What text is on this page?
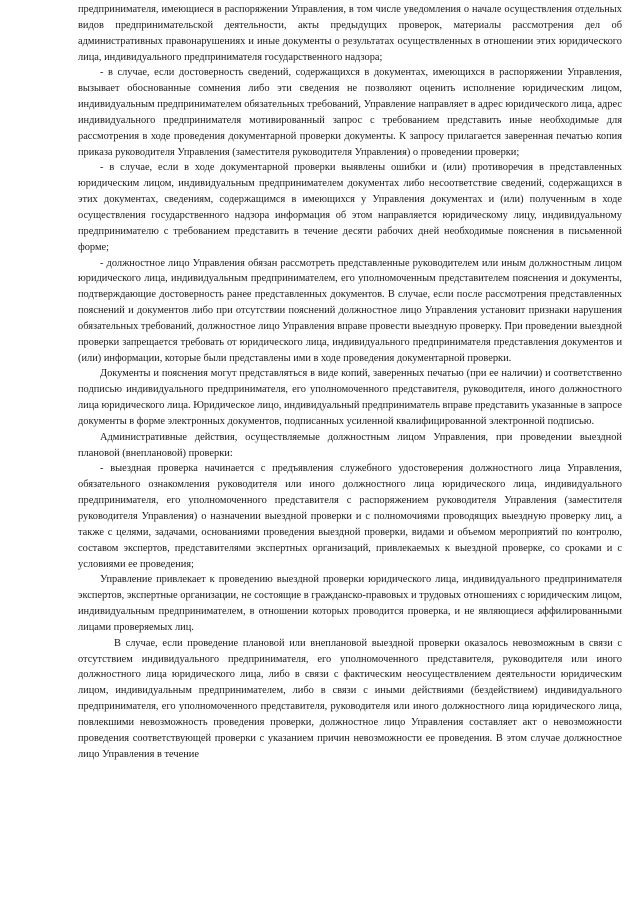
предпринимателя, имеющиеся в распоряжении Управления, в том числе уведомления о начале осуществления отдельных видов предпринимательской деятельности, акты предыдущих проверок, материалы рассмотрения дел об административных правонарушениях и иные документы о результатах осуществленных в отношении этих юридического лица, индивидуального предпринимателя государственного надзора;

- в случае, если достоверность сведений, содержащихся в документах, имеющихся в распоряжении Управления, вызывает обоснованные сомнения либо эти сведения не позволяют оценить исполнение юридическим лицом, индивидуальным предпринимателем обязательных требований, Управление направляет в адрес юридического лица, адрес индивидуального предпринимателя мотивированный запрос с требованием представить иные необходимые для рассмотрения в ходе проведения документарной проверки документы. К запросу прилагается заверенная печатью копия приказа руководителя Управления (заместителя руководителя Управления) о проведении проверки;

- в случае, если в ходе документарной проверки выявлены ошибки и (или) противоречия в представленных юридическим лицом, индивидуальным предпринимателем документах либо несоответствие сведений, содержащихся в этих документах, сведениям, содержащимся в имеющихся у Управления документах и (или) полученным в ходе осуществления государственного надзора информация об этом направляется юридическому лицу, индивидуальному предпринимателю с требованием представить в течение десяти рабочих дней необходимые пояснения в письменной форме;

- должностное лицо Управления обязан рассмотреть представленные руководителем или иным должностным лицом юридического лица, индивидуальным предпринимателем, его уполномоченным представителем пояснения и документы, подтверждающие достоверность ранее представленных документов. В случае, если после рассмотрения представленных пояснений и документов либо при отсутствии пояснений должностное лицо Управления установит признаки нарушения обязательных требований, должностное лицо Управления вправе провести выездную проверку. При проведении выездной проверки запрещается требовать от юридического лица, индивидуального предпринимателя представления документов и (или) информации, которые были представлены ими в ходе проведения документарной проверки.

Документы и пояснения могут представляться в виде копий, заверенных печатью (при ее наличии) и соответственно подписью индивидуального предпринимателя, его уполномоченного представителя, руководителя, иного должностного лица юридического лица. Юридическое лицо, индивидуальный предприниматель вправе представить указанные в запросе документы в форме электронных документов, подписанных усиленной квалифицированной электронной подписью.

Административные действия, осуществляемые должностным лицом Управления, при проведении выездной плановой (внеплановой) проверки:

- выездная проверка начинается с предъявления служебного удостоверения должностного лица Управления, обязательного ознакомления руководителя или иного должностного лица юридического лица, индивидуального предпринимателя, его уполномоченного представителя с распоряжением руководителя Управления (заместителя руководителя Управления) о назначении выездной проверки и с полномочиями проводящих выездную проверку лиц, а также с целями, задачами, основаниями проведения выездной проверки, видами и объемом мероприятий по контролю, составом экспертов, представителями экспертных организаций, привлекаемых к выездной проверке, со сроками и с условиями ее проведения;

Управление привлекает к проведению выездной проверки юридического лица, индивидуального предпринимателя экспертов, экспертные организации, не состоящие в гражданско-правовых и трудовых отношениях с юридическим лицом, индивидуальным предпринимателем, в отношении которых проводится проверка, и не являющиеся аффилированными лицами проверяемых лиц.

В случае, если проведение плановой или внеплановой выездной проверки оказалось невозможным в связи с отсутствием индивидуального предпринимателя, его уполномоченного представителя, руководителя или иного должностного лица юридического лица, либо в связи с фактическим неосуществлением деятельности юридическим лицом, индивидуальным предпринимателем, либо в связи с иными действиями (бездействием) индивидуального предпринимателя, его уполномоченного представителя, руководителя или иного должностного лица юридического лица, повлекшими невозможность проведения проверки, должностное лицо Управления составляет акт о невозможности проведения соответствующей проверки с указанием причин невозможности ее проведения. В этом случае должностное лицо Управления в течение
